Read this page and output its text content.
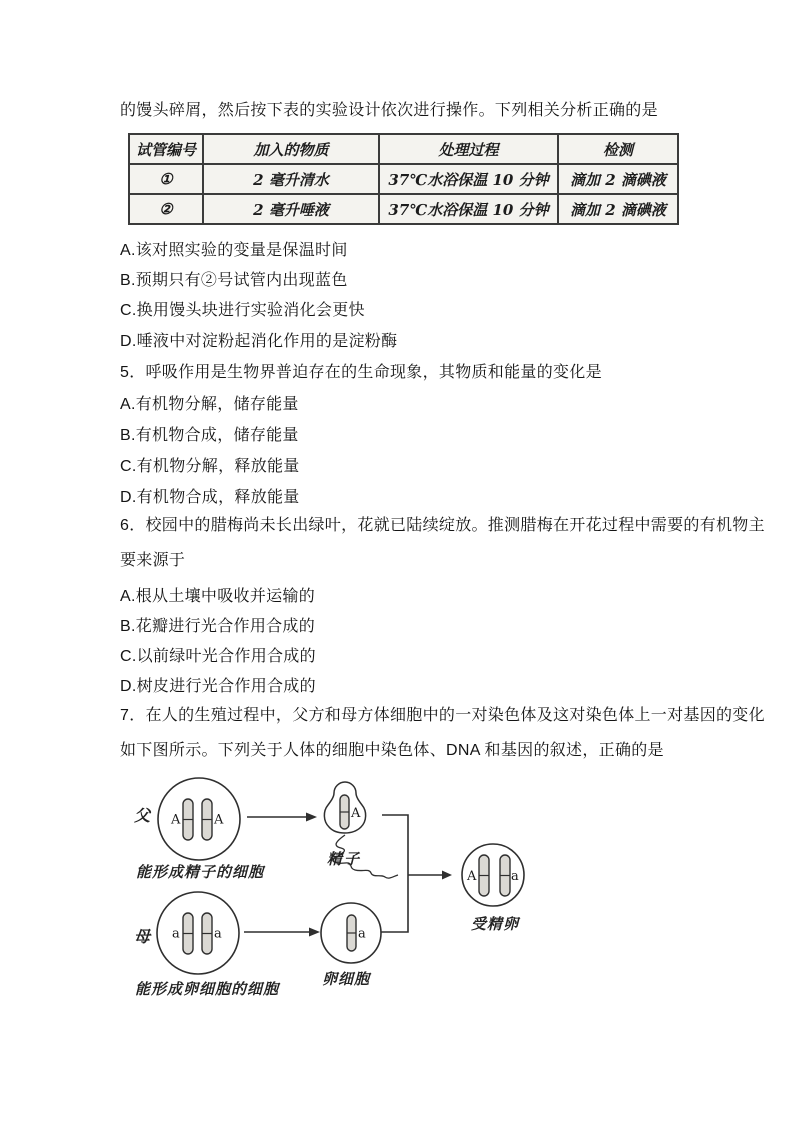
的馒头碎屑，然后按下表的实验设计依次进行操作。下列相关分析正确的是
试管编号	加入的物质	处理过程	检测
①	2 毫升清水	37℃水浴保温 10 分钟	滴加 2 滴碘液
②	2 毫升唾液	37℃水浴保温 10 分钟	滴加 2 滴碘液
A.该对照实验的变量是保温时间
B.预期只有②号试管内出现蓝色
C.换用馒头块进行实验消化会更快
D.唾液中对淀粉起消化作用的是淀粉酶
5．呼吸作用是生物界普迫存在的生命现象，其物质和能量的变化是
A.有机物分解，储存能量
B.有机物合成，储存能量
C.有机物分解，释放能量
D.有机物合成，释放能量
6．校园中的腊梅尚未长出绿叶，花就已陆续绽放。推测腊梅在开花过程中需要的有机物主
要来源于
A.根从土壤中吸收并运输的
B.花瓣进行光合作用合成的
C.以前绿叶光合作用合成的
D.树皮进行光合作用合成的
7．在人的生殖过程中，父方和母方体细胞中的一对染色体及这对染色体上一对基因的变化
如下图所示。下列关于人体的细胞中染色体、DNA 和基因的叙述，正确的是
A	A	A
a	a	a
A	a
父
母
能形成精子的细胞
能形成卵细胞的细胞
精子
卵细胞
受精卵
